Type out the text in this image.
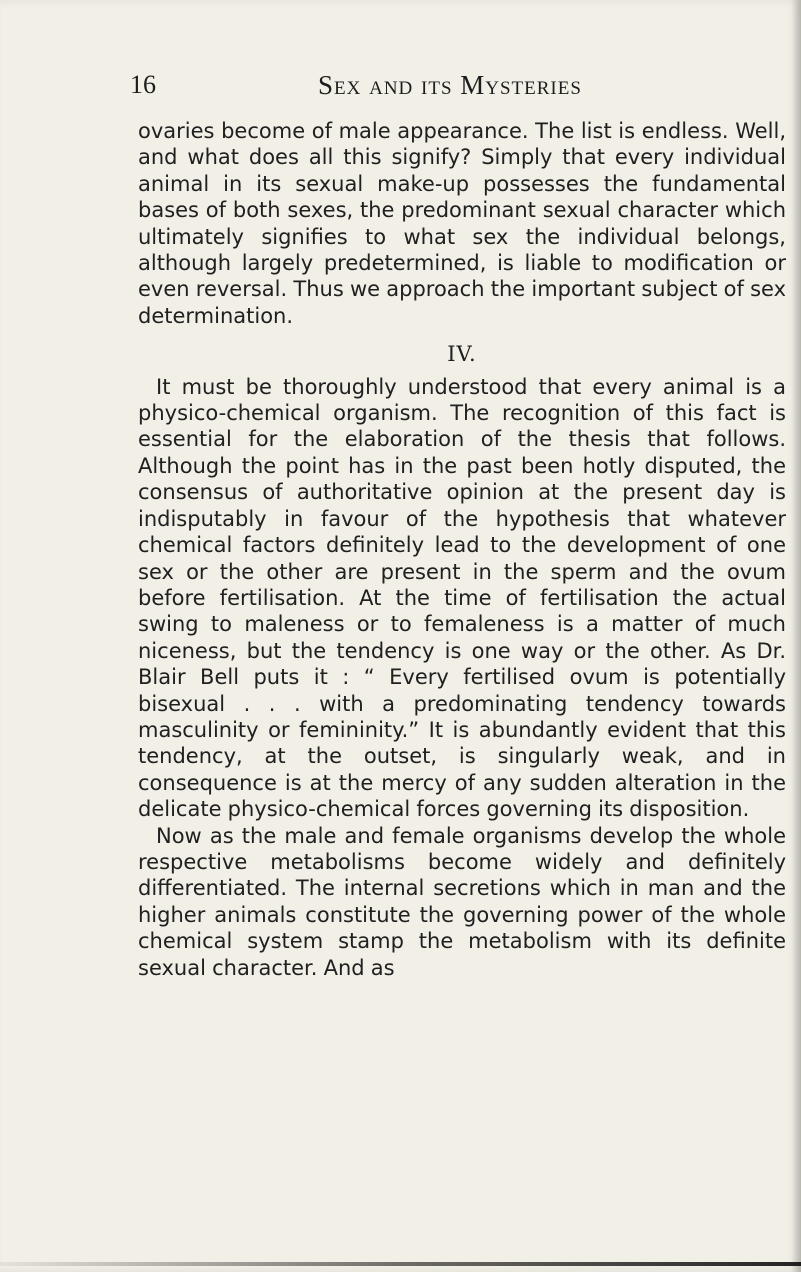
16	Sex and its Mysteries

ovaries become of male appearance. The list is endless. Well, and what does all this signify? Simply that every individual animal in its sexual make-up possesses the fundamental bases of both sexes, the predominant sexual character which ultimately signifies to what sex the individual belongs, although largely predetermined, is liable to modification or even reversal. Thus we approach the important subject of sex determination.

IV.

It must be thoroughly understood that every animal is a physico-chemical organism. The recognition of this fact is essential for the elaboration of the thesis that follows. Although the point has in the past been hotly disputed, the consensus of authoritative opinion at the present day is indisputably in favour of the hypothesis that whatever chemical factors definitely lead to the development of one sex or the other are present in the sperm and the ovum before fertilisation. At the time of fertilisation the actual swing to maleness or to femaleness is a matter of much niceness, but the tendency is one way or the other. As Dr. Blair Bell puts it : “ Every fertilised ovum is potentially bisexual . . . with a predominating tendency towards masculinity or femininity.” It is abundantly evident that this tendency, at the outset, is singularly weak, and in consequence is at the mercy of any sudden alteration in the delicate physico-chemical forces governing its disposition.

Now as the male and female organisms develop the whole respective metabolisms become widely and definitely differentiated. The internal secretions which in man and the higher animals constitute the governing power of the whole chemical system stamp the metabolism with its definite sexual character. And as
